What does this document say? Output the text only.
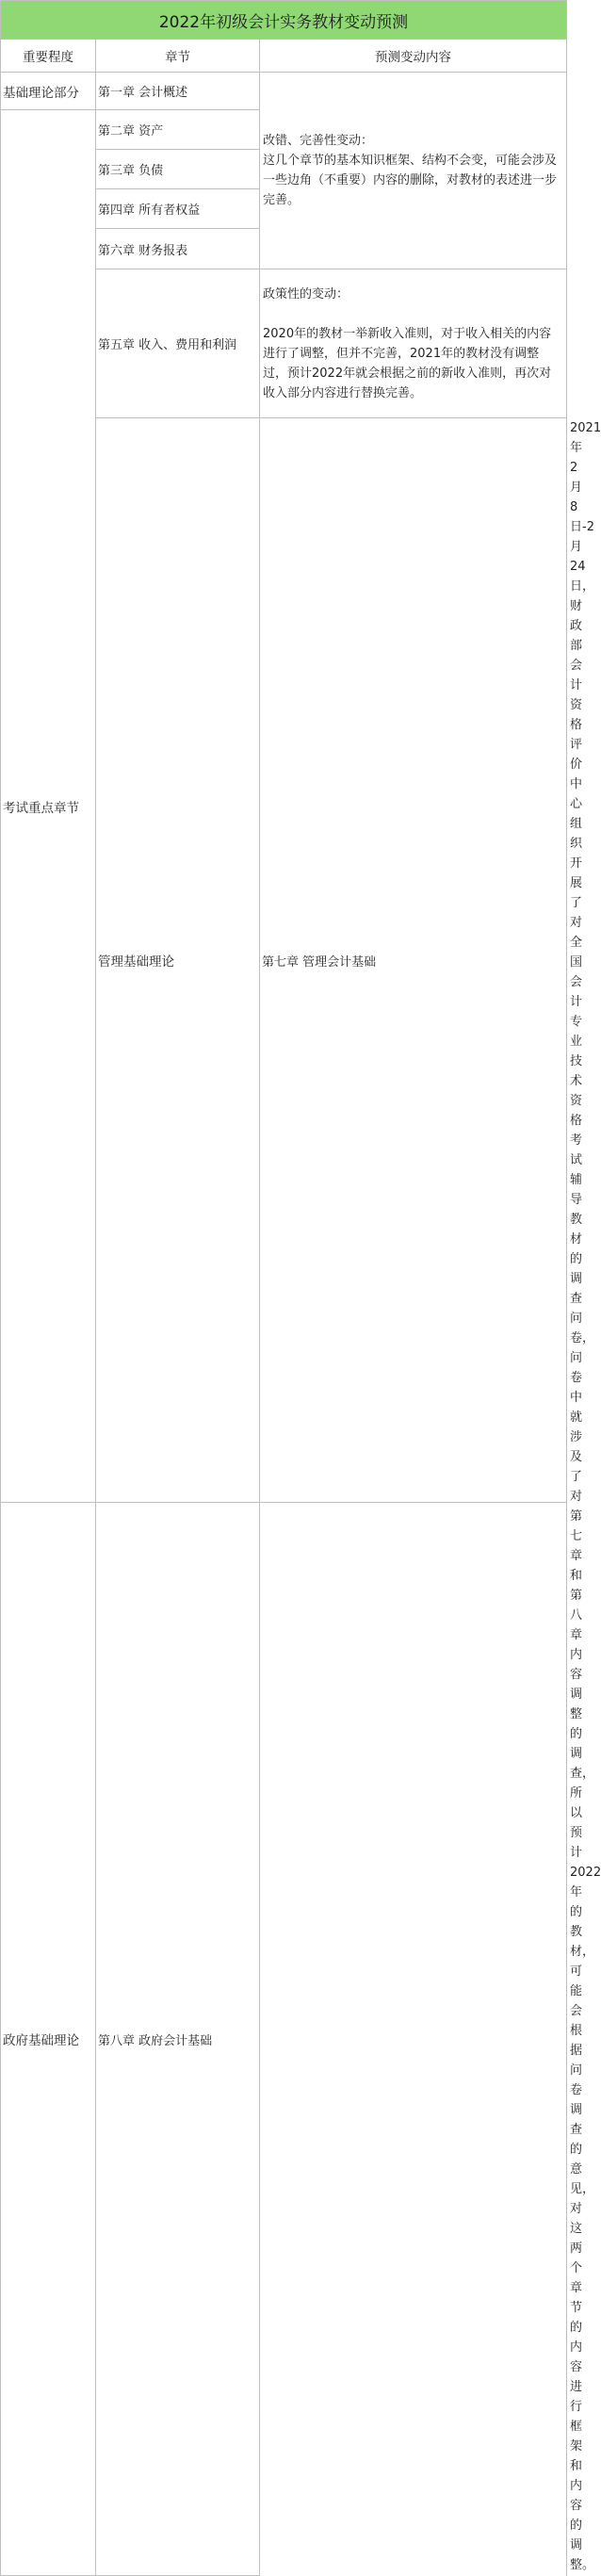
2022年初级会计实务教材变动预测			
重要程度	章节	预测变动内容	
基础理论部分	第一章 会计概述	改错、完善性变动：

这几个章节的基本知识框架、结构不会变，可能会涉及一些边角（不重要）内容的删除，对教材的表述进一步完善。	

考试重点章节	第二章 资产		
	第三章 负债		
	第四章 所有者权益		
	第六章 财务报表		
	第五章 收入、费用和利润	政策性的变动：

2020年的教材一举新收入准则，对于收入相关的内容进行了调整，但并不完善，2021年的教材没有调整过，预计2022年就会根据之前的新收入准则，再次对收入部分内容进行替换完善。	

	管理基础理论	第七章 管理会计基础	2021年2月8日-2月24日，财政部会计资格评价中心组织开展了对全国会计专业技术资格考试辅导教材的调查问卷，问卷中就涉及了对第七章和第八章内容调整的调查，所以预计2022年的教材，可能会根据问卷调查的意见，对这两个章节的内容进行框架和内容的调整。

政府基础理论	第八章 政府会计基础		
